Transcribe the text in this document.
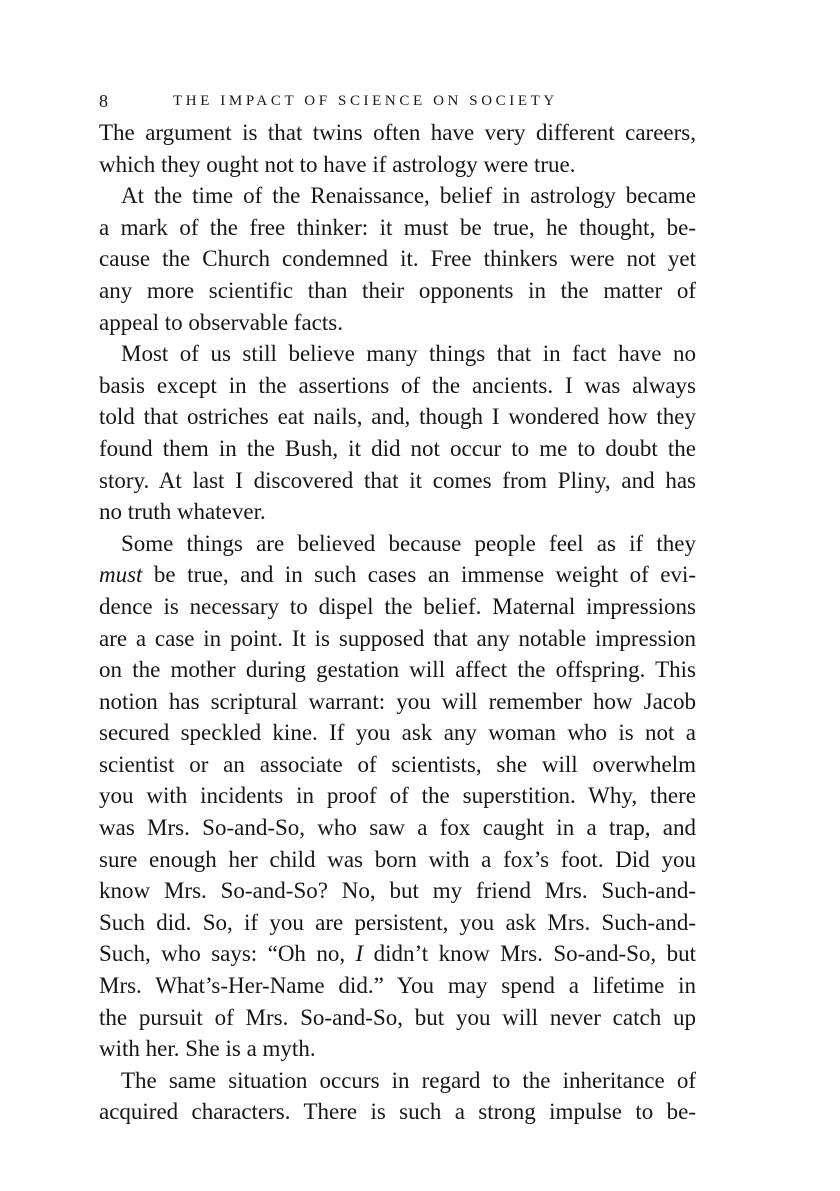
8	THE IMPACT OF SCIENCE ON SOCIETY

The argument is that twins often have very different careers,
which they ought not to have if astrology were true.

At the time of the Renaissance, belief in astrology became
a mark of the free thinker: it must be true, he thought, be-
cause the Church condemned it. Free thinkers were not yet
any more scientific than their opponents in the matter of
appeal to observable facts.

Most of us still believe many things that in fact have no
basis except in the assertions of the ancients. I was always
told that ostriches eat nails, and, though I wondered how they
found them in the Bush, it did not occur to me to doubt the
story. At last I discovered that it comes from Pliny, and has
no truth whatever.

Some things are believed because people feel as if they
must be true, and in such cases an immense weight of evi-
dence is necessary to dispel the belief. Maternal impressions
are a case in point. It is supposed that any notable impression
on the mother during gestation will affect the offspring. This
notion has scriptural warrant: you will remember how Jacob
secured speckled kine. If you ask any woman who is not a
scientist or an associate of scientists, she will overwhelm
you with incidents in proof of the superstition. Why, there
was Mrs. So-and-So, who saw a fox caught in a trap, and
sure enough her child was born with a fox’s foot. Did you
know Mrs. So-and-So? No, but my friend Mrs. Such-and-
Such did. So, if you are persistent, you ask Mrs. Such-and-
Such, who says: “Oh no, I didn’t know Mrs. So-and-So, but
Mrs. What’s-Her-Name did.” You may spend a lifetime in
the pursuit of Mrs. So-and-So, but you will never catch up
with her. She is a myth.

The same situation occurs in regard to the inheritance of
acquired characters. There is such a strong impulse to be-
